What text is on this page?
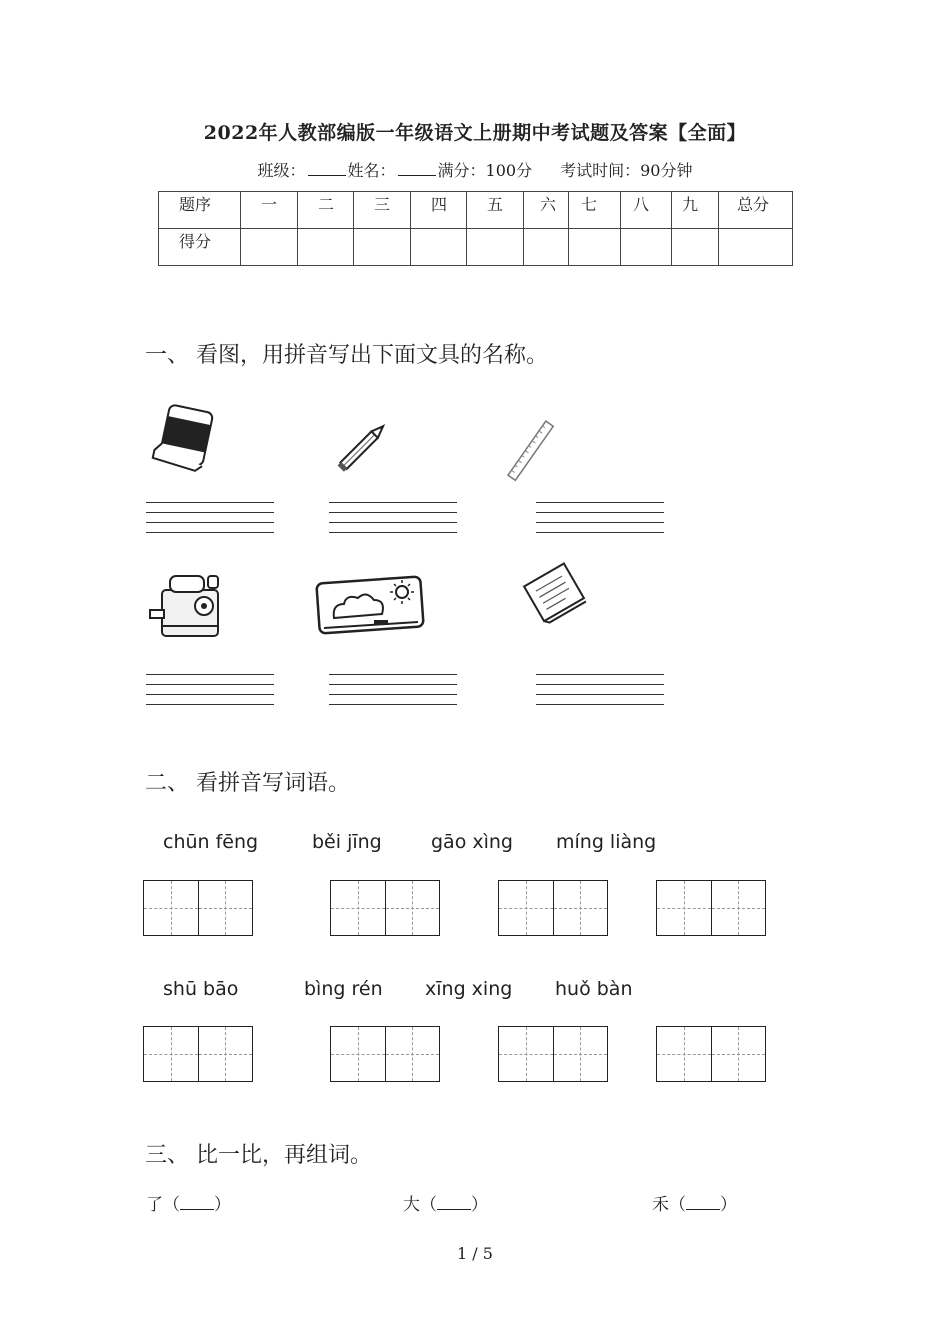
2022年人教部编版一年级语文上册期中考试题及答案【全面】
班级：	姓名：	满分：100分 考试时间：90分钟
题序	一	二	三	四	五	六	七	八	九	总分
得分										
一、 看图，用拼音写出下面文具的名称。
二、 看拼音写词语。
chūn fēng	běi jīng	gāo xìng míng liàng
shū bāo	bìng rén xīng xing huǒ bàn
三、 比一比，再组词。
了（ ）	大（ ）	禾（ ）
1 / 5
